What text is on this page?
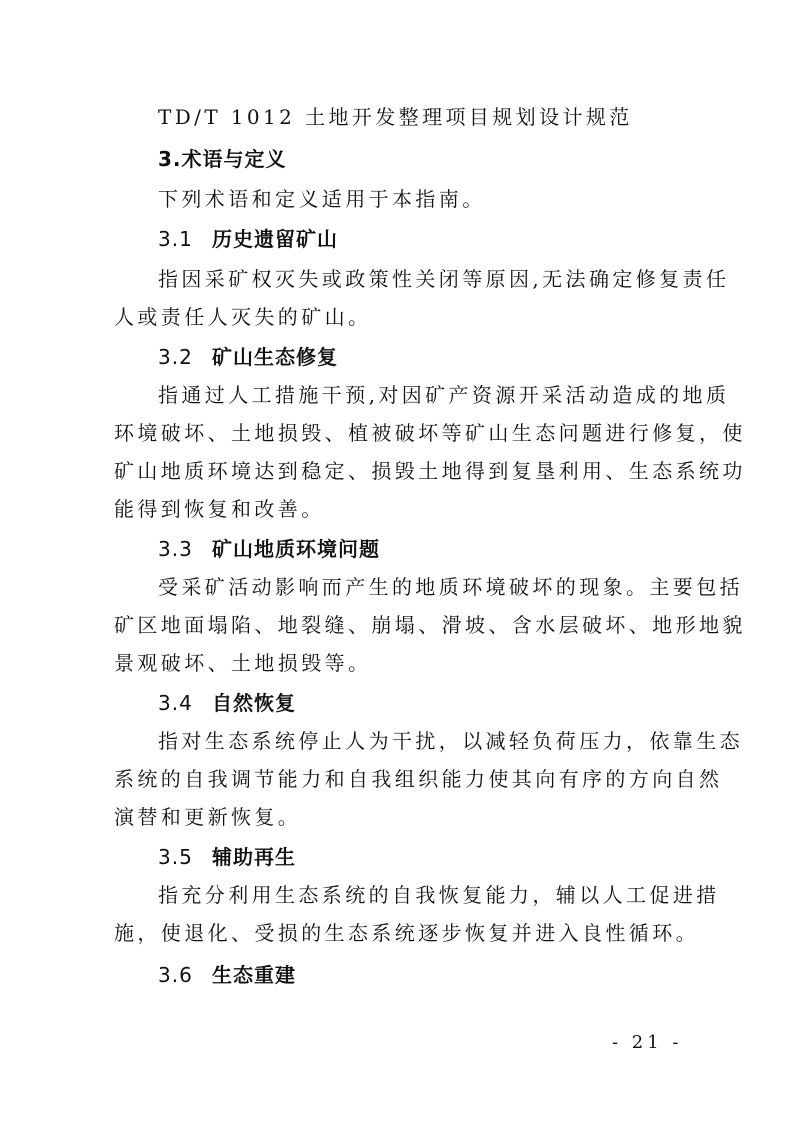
TD/T 1012 土地开发整理项目规划设计规范
3.术语与定义
下列术语和定义适用于本指南。
3.1 历史遗留矿山
指因采矿权灭失或政策性关闭等原因,无法确定修复责任
人或责任人灭失的矿山。
3.2 矿山生态修复
指通过人工措施干预,对因矿产资源开采活动造成的地质
环境破坏、土地损毁、植被破坏等矿山生态问题进行修复，使
矿山地质环境达到稳定、损毁土地得到复垦利用、生态系统功
能得到恢复和改善。
3.3 矿山地质环境问题
受采矿活动影响而产生的地质环境破坏的现象。主要包括
矿区地面塌陷、地裂缝、崩塌、滑坡、含水层破坏、地形地貌
景观破坏、土地损毁等。
3.4 自然恢复
指对生态系统停止人为干扰，以减轻负荷压力，依靠生态
系统的自我调节能力和自我组织能力使其向有序的方向自然
演替和更新恢复。
3.5 辅助再生
指充分利用生态系统的自我恢复能力，辅以人工促进措
施，使退化、受损的生态系统逐步恢复并进入良性循环。
3.6 生态重建
- 21 -
